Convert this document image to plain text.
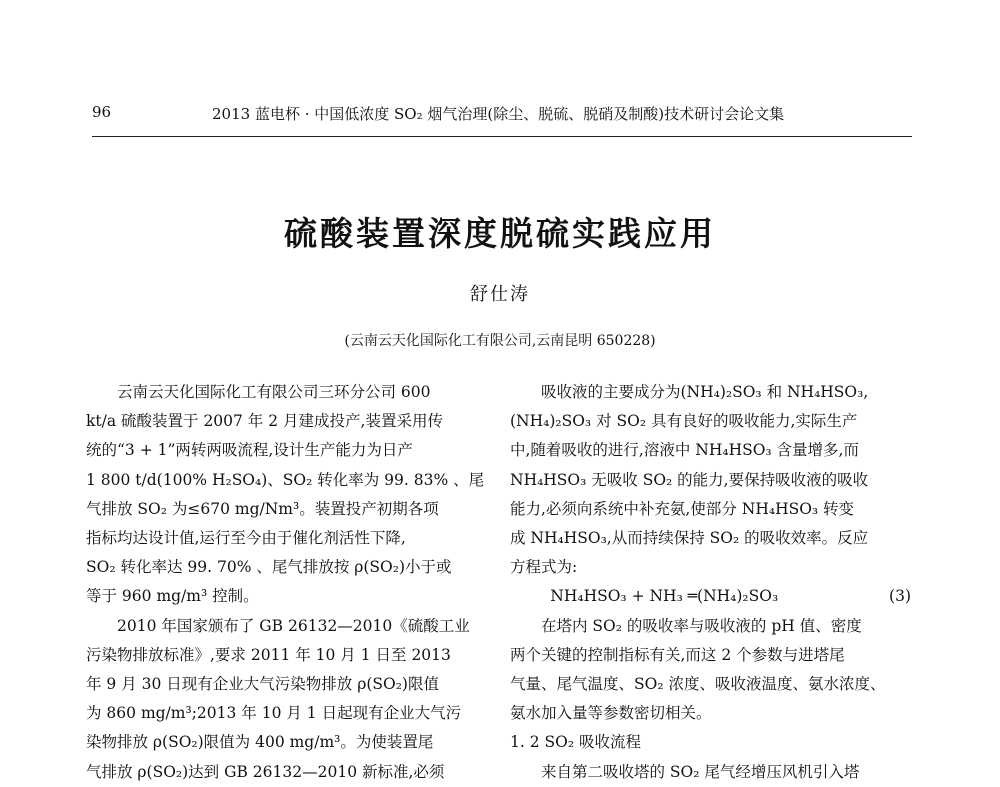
96	2013 蓝电杯 · 中国低浓度 SO₂ 烟气治理(除尘、脱硫、脱硝及制酸)技术研讨会论文集
硫酸装置深度脱硫实践应用
舒仕涛
(云南云天化国际化工有限公司,云南昆明 650228)
云南云天化国际化工有限公司三环分公司 600
kt/a 硫酸装置于 2007 年 2 月建成投产,装置采用传
统的“3 + 1”两转两吸流程,设计生产能力为日产
1 800 t/d(100% H₂SO₄)、SO₂ 转化率为 99. 83% 、尾
气排放 SO₂ 为≤670 mg/Nm³。装置投产初期各项
指标均达设计值,运行至今由于催化剂活性下降,
SO₂ 转化率达 99. 70% 、尾气排放按 ρ(SO₂)小于或
等于 960 mg/m³ 控制。
2010 年国家颁布了 GB 26132—2010《硫酸工业
污染物排放标准》,要求 2011 年 10 月 1 日至 2013
年 9 月 30 日现有企业大气污染物排放 ρ(SO₂)限值
为 860 mg/m³;2013 年 10 月 1 日起现有企业大气污
染物排放 ρ(SO₂)限值为 400 mg/m³。为使装置尾
气排放 ρ(SO₂)达到 GB 26132—2010 新标准,必须
吸收液的主要成分为(NH₄)₂SO₃ 和 NH₄HSO₃,
(NH₄)₂SO₃ 对 SO₂ 具有良好的吸收能力,实际生产
中,随着吸收的进行,溶液中 NH₄HSO₃ 含量增多,而
NH₄HSO₃ 无吸收 SO₂ 的能力,要保持吸收液的吸收
能力,必须向系统中补充氨,使部分 NH₄HSO₃ 转变
成 NH₄HSO₃,从而持续保持 SO₂ 的吸收效率。反应
方程式为:
NH₄HSO₃ + NH₃ ═(NH₄)₂SO₃	(3)
在塔内 SO₂ 的吸收率与吸收液的 pH 值、密度
两个关键的控制指标有关,而这 2 个参数与进塔尾
气量、尾气温度、SO₂ 浓度、吸收液温度、氨水浓度、
氨水加入量等参数密切相关。
1. 2 SO₂ 吸收流程
来自第二吸收塔的 SO₂ 尾气经增压风机引入塔
